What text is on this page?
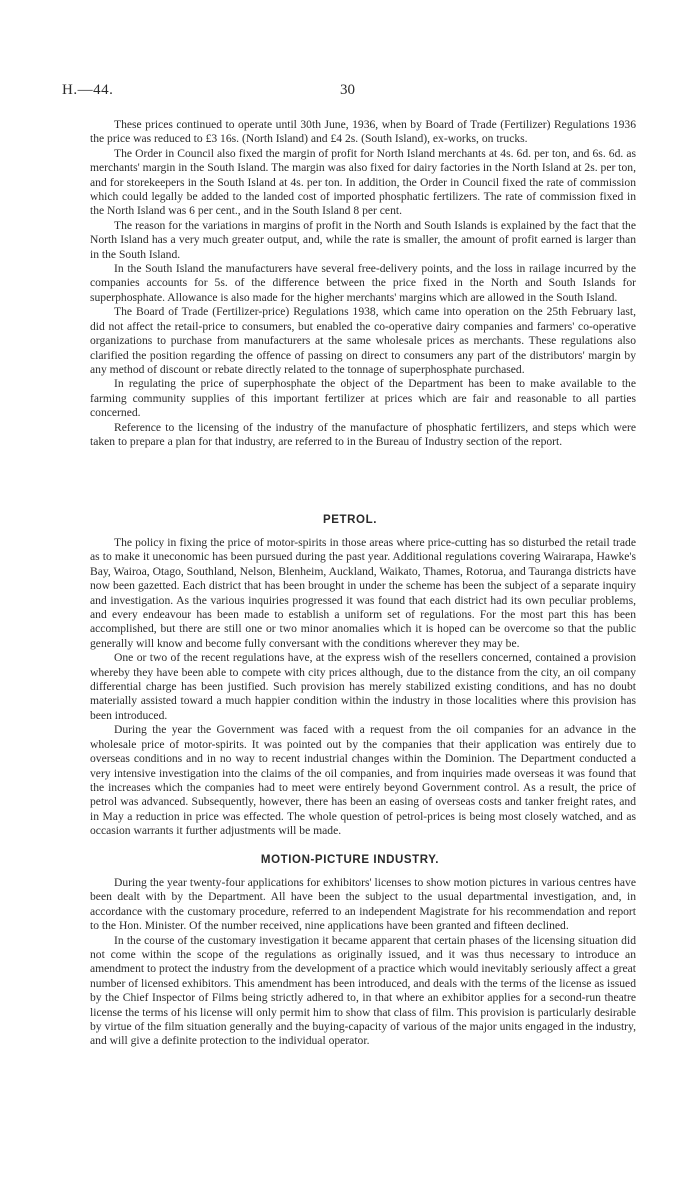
H.—44.	30

These prices continued to operate until 30th June, 1936, when by Board of Trade (Fertilizer) Regulations 1936 the price was reduced to £3 16s. (North Island) and £4 2s. (South Island), ex-works, on trucks.

The Order in Council also fixed the margin of profit for North Island merchants at 4s. 6d. per ton, and 6s. 6d. as merchants' margin in the South Island. The margin was also fixed for dairy factories in the North Island at 2s. per ton, and for storekeepers in the South Island at 4s. per ton. In addition, the Order in Council fixed the rate of commission which could legally be added to the landed cost of imported phosphatic fertilizers. The rate of commission fixed in the North Island was 6 per cent., and in the South Island 8 per cent.

The reason for the variations in margins of profit in the North and South Islands is explained by the fact that the North Island has a very much greater output, and, while the rate is smaller, the amount of profit earned is larger than in the South Island.

In the South Island the manufacturers have several free-delivery points, and the loss in railage incurred by the companies accounts for 5s. of the difference between the price fixed in the North and South Islands for superphosphate. Allowance is also made for the higher merchants' margins which are allowed in the South Island.

The Board of Trade (Fertilizer-price) Regulations 1938, which came into operation on the 25th February last, did not affect the retail-price to consumers, but enabled the co-operative dairy companies and farmers' co-operative organizations to purchase from manufacturers at the same wholesale prices as merchants. These regulations also clarified the position regarding the offence of passing on direct to consumers any part of the distributors' margin by any method of discount or rebate directly related to the tonnage of superphosphate purchased.

In regulating the price of superphosphate the object of the Department has been to make available to the farming community supplies of this important fertilizer at prices which are fair and reasonable to all parties concerned.

Reference to the licensing of the industry of the manufacture of phosphatic fertilizers, and steps which were taken to prepare a plan for that industry, are referred to in the Bureau of Industry section of the report.

PETROL.

The policy in fixing the price of motor-spirits in those areas where price-cutting has so disturbed the retail trade as to make it uneconomic has been pursued during the past year. Additional regulations covering Wairarapa, Hawke's Bay, Wairoa, Otago, Southland, Nelson, Blenheim, Auckland, Waikato, Thames, Rotorua, and Tauranga districts have now been gazetted. Each district that has been brought in under the scheme has been the subject of a separate inquiry and investigation. As the various inquiries progressed it was found that each district had its own peculiar problems, and every endeavour has been made to establish a uniform set of regulations. For the most part this has been accomplished, but there are still one or two minor anomalies which it is hoped can be overcome so that the public generally will know and become fully conversant with the conditions wherever they may be.

One or two of the recent regulations have, at the express wish of the resellers concerned, contained a provision whereby they have been able to compete with city prices although, due to the distance from the city, an oil company differential charge has been justified. Such provision has merely stabilized existing conditions, and has no doubt materially assisted toward a much happier condition within the industry in those localities where this provision has been introduced.

During the year the Government was faced with a request from the oil companies for an advance in the wholesale price of motor-spirits. It was pointed out by the companies that their application was entirely due to overseas conditions and in no way to recent industrial changes within the Dominion. The Department conducted a very intensive investigation into the claims of the oil companies, and from inquiries made overseas it was found that the increases which the companies had to meet were entirely beyond Government control. As a result, the price of petrol was advanced. Subsequently, however, there has been an easing of overseas costs and tanker freight rates, and in May a reduction in price was effected. The whole question of petrol-prices is being most closely watched, and as occasion warrants it further adjustments will be made.

MOTION-PICTURE INDUSTRY.

During the year twenty-four applications for exhibitors' licenses to show motion pictures in various centres have been dealt with by the Department. All have been the subject to the usual departmental investigation, and, in accordance with the customary procedure, referred to an independent Magistrate for his recommendation and report to the Hon. Minister. Of the number received, nine applications have been granted and fifteen declined.

In the course of the customary investigation it became apparent that certain phases of the licensing situation did not come within the scope of the regulations as originally issued, and it was thus necessary to introduce an amendment to protect the industry from the development of a practice which would inevitably seriously affect a great number of licensed exhibitors. This amendment has been introduced, and deals with the terms of the license as issued by the Chief Inspector of Films being strictly adhered to, in that where an exhibitor applies for a second-run theatre license the terms of his license will only permit him to show that class of film. This provision is particularly desirable by virtue of the film situation generally and the buying-capacity of various of the major units engaged in the industry, and will give a definite protection to the individual operator.
